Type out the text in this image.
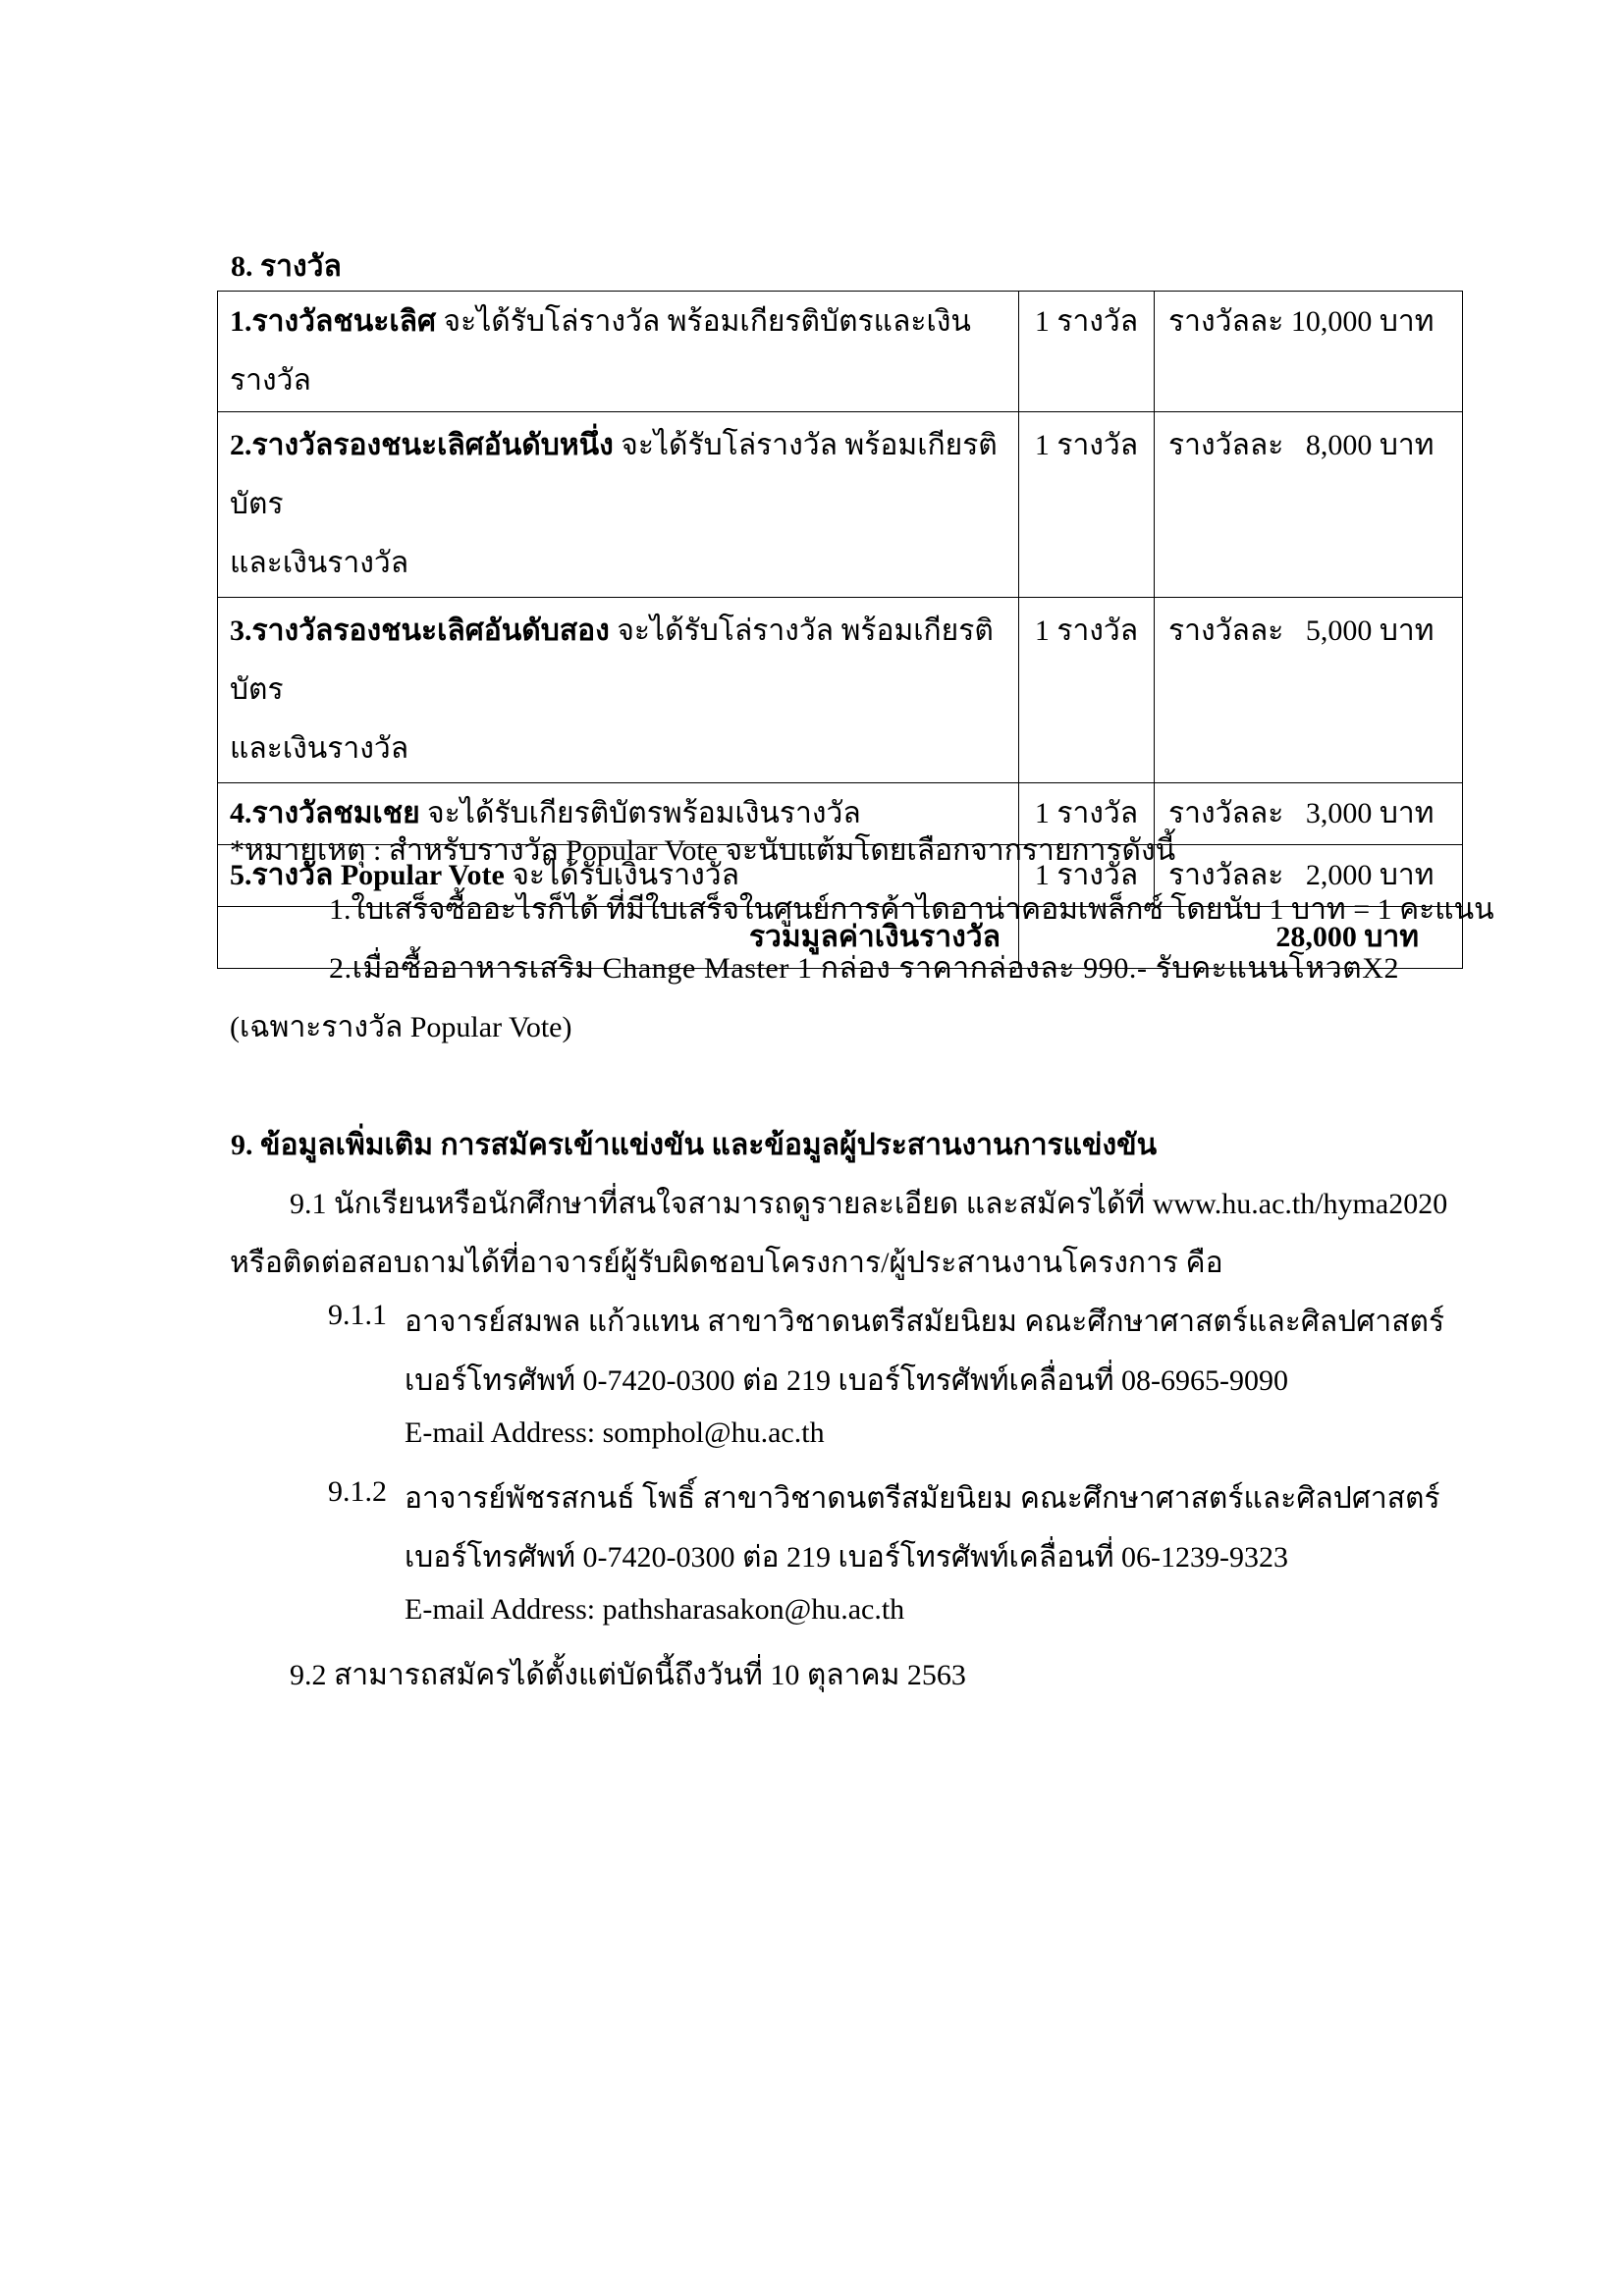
8. รางวัล
1.รางวัลชนะเลิศ จะได้รับโล่รางวัล พร้อมเกียรติบัตรและเงินรางวัล	1 รางวัล	รางวัลละ 10,000 บาท
2.รางวัลรองชนะเลิศอันดับหนึ่ง จะได้รับโล่รางวัล พร้อมเกียรติบัตร
และเงินรางวัล	1 รางวัล	รางวัลละ 8,000 บาท
3.รางวัลรองชนะเลิศอันดับสอง จะได้รับโล่รางวัล พร้อมเกียรติบัตร
และเงินรางวัล	1 รางวัล	รางวัลละ 5,000 บาท
4.รางวัลชมเชย จะได้รับเกียรติบัตรพร้อมเงินรางวัล	1 รางวัล	รางวัลละ 3,000 บาท
5.รางวัล Popular Vote จะได้รับเงินรางวัล	1 รางวัล	รางวัลละ 2,000 บาท
รวมมูลค่าเงินรางวัล	28,000 บาท	
*หมายเหตุ : สำหรับรางวัล Popular Vote จะนับแต้มโดยเลือกจากรายการดังนี้
1.ใบเสร็จซื้ออะไรก็ได้ ที่มีใบเสร็จในศูนย์การค้าไดอาน่าคอมเพล็กซ์ โดยนับ 1 บาท = 1 คะแนน
2.เมื่อซื้ออาหารเสริม Change Master 1 กล่อง ราคากล่องละ 990.- รับคะแนนโหวตX2
(เฉพาะรางวัล Popular Vote)
9. ข้อมูลเพิ่มเติม การสมัครเข้าแข่งขัน และข้อมูลผู้ประสานงานการแข่งขัน
9.1 นักเรียนหรือนักศึกษาที่สนใจสามารถดูรายละเอียด และสมัครได้ที่ www.hu.ac.th/hyma2020
หรือติดต่อสอบถามได้ที่อาจารย์ผู้รับผิดชอบโครงการ/ผู้ประสานงานโครงการ คือ
9.1.1 อาจารย์สมพล แก้วแทน สาขาวิชาดนตรีสมัยนิยม คณะศึกษาศาสตร์และศิลปศาสตร์
เบอร์โทรศัพท์ 0-7420-0300 ต่อ 219 เบอร์โทรศัพท์เคลื่อนที่ 08-6965-9090
E-mail Address: somphol@hu.ac.th
9.1.2 อาจารย์พัชรสกนธ์ โพธิ์ สาขาวิชาดนตรีสมัยนิยม คณะศึกษาศาสตร์และศิลปศาสตร์
เบอร์โทรศัพท์ 0-7420-0300 ต่อ 219 เบอร์โทรศัพท์เคลื่อนที่ 06-1239-9323
E-mail Address: pathsharasakon@hu.ac.th
9.2 สามารถสมัครได้ตั้งแต่บัดนี้ถึงวันที่ 10 ตุลาคม 2563
